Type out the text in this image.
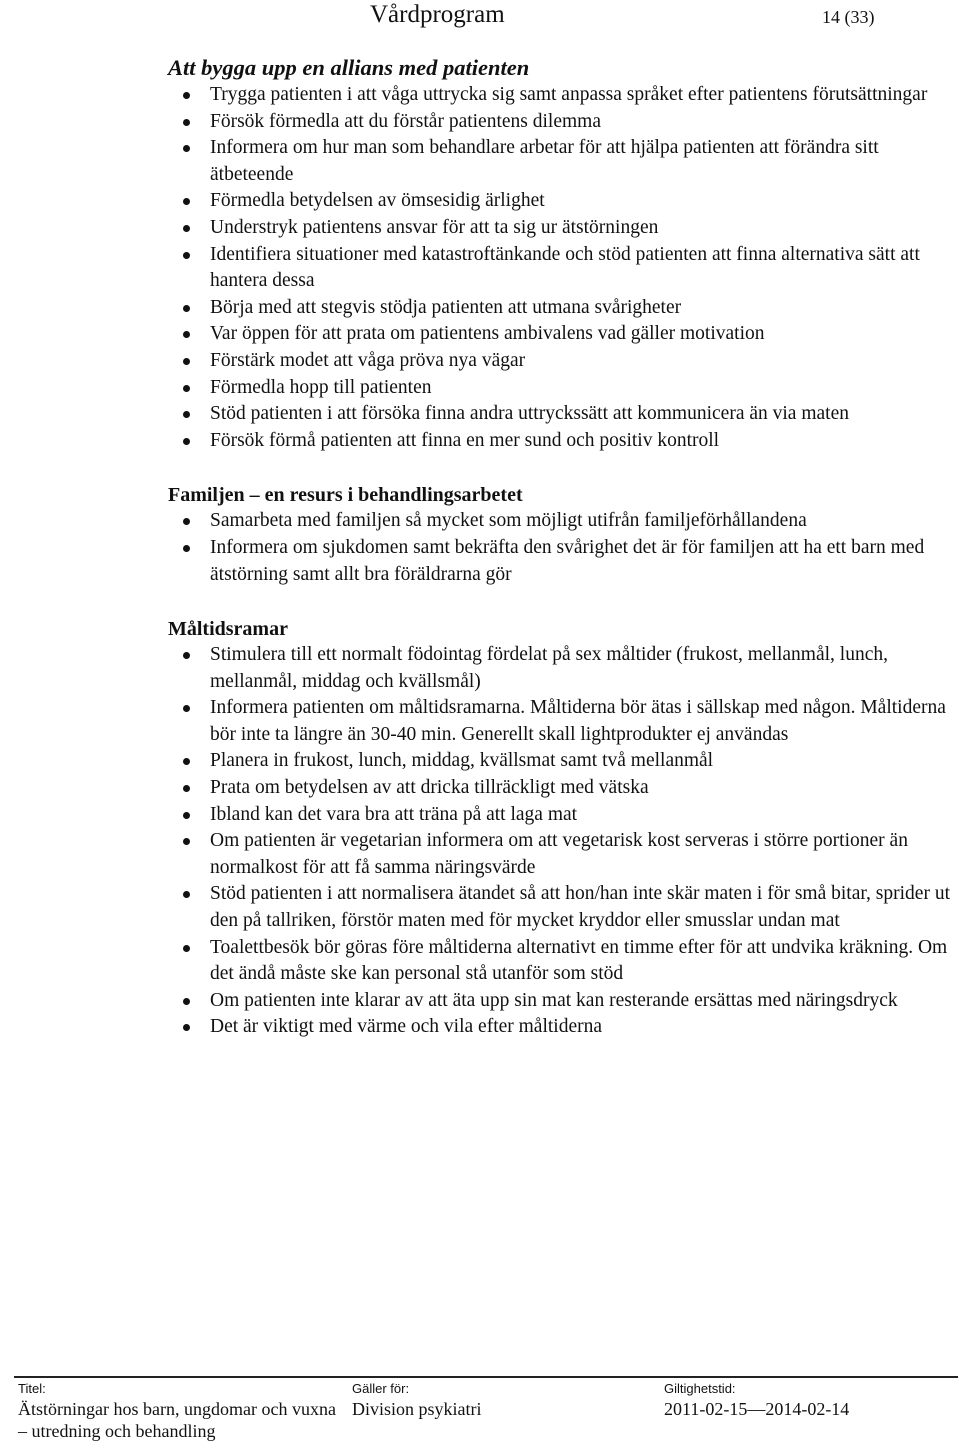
Vårdprogram	14 (33)
Att bygga upp en allians med patienten
Trygga patienten i att våga uttrycka sig samt anpassa språket efter patientens förutsättningar
Försök förmedla att du förstår patientens dilemma
Informera om hur man som behandlare arbetar för att hjälpa patienten att förändra sitt ätbeteende
Förmedla betydelsen av ömsesidig ärlighet
Understryk patientens ansvar för att ta sig ur ätstörningen
Identifiera situationer med katastroftänkande och stöd patienten att finna alternativa sätt att hantera dessa
Börja med att stegvis stödja patienten att utmana svårigheter
Var öppen för att prata om patientens ambivalens vad gäller motivation
Förstärk modet att våga pröva nya vägar
Förmedla hopp till patienten
Stöd patienten i att försöka finna andra uttryckssätt att kommunicera än via maten
Försök förmå patienten att finna en mer sund och positiv kontroll
Familjen – en resurs i behandlingsarbetet
Samarbeta med familjen så mycket som möjligt utifrån familjeförhållandena
Informera om sjukdomen samt bekräfta den svårighet det är för familjen att ha ett barn med ätstörning samt allt bra föräldrarna gör
Måltidsramar
Stimulera till ett normalt födointag fördelat på sex måltider (frukost, mellanmål, lunch, mellanmål, middag och kvällsmål)
Informera patienten om måltidsramarna. Måltiderna bör ätas i sällskap med någon. Måltiderna bör inte ta längre än 30-40 min. Generellt skall lightprodukter ej användas
Planera in frukost, lunch, middag, kvällsmat samt två mellanmål
Prata om betydelsen av att dricka tillräckligt med vätska
Ibland kan det vara bra att träna på att laga mat
Om patienten är vegetarian informera om att vegetarisk kost serveras i större portioner än normalkost för att få samma näringsvärde
Stöd patienten i att normalisera ätandet så att hon/han inte skär maten i för små bitar, sprider ut den på tallriken, förstör maten med för mycket kryddor eller smusslar undan mat
Toalettbesök bör göras före måltiderna alternativt en timme efter för att undvika kräkning. Om det ändå måste ske kan personal stå utanför som stöd
Om patienten inte klarar av att äta upp sin mat kan resterande ersättas med näringsdryck
Det är viktigt med värme och vila efter måltiderna
Titel:
Ätstörningar hos barn, ungdomar och vuxna – utredning och behandling
Gäller för:
Division psykiatri
Giltighetstid:
2011-02-15––2014-02-14
